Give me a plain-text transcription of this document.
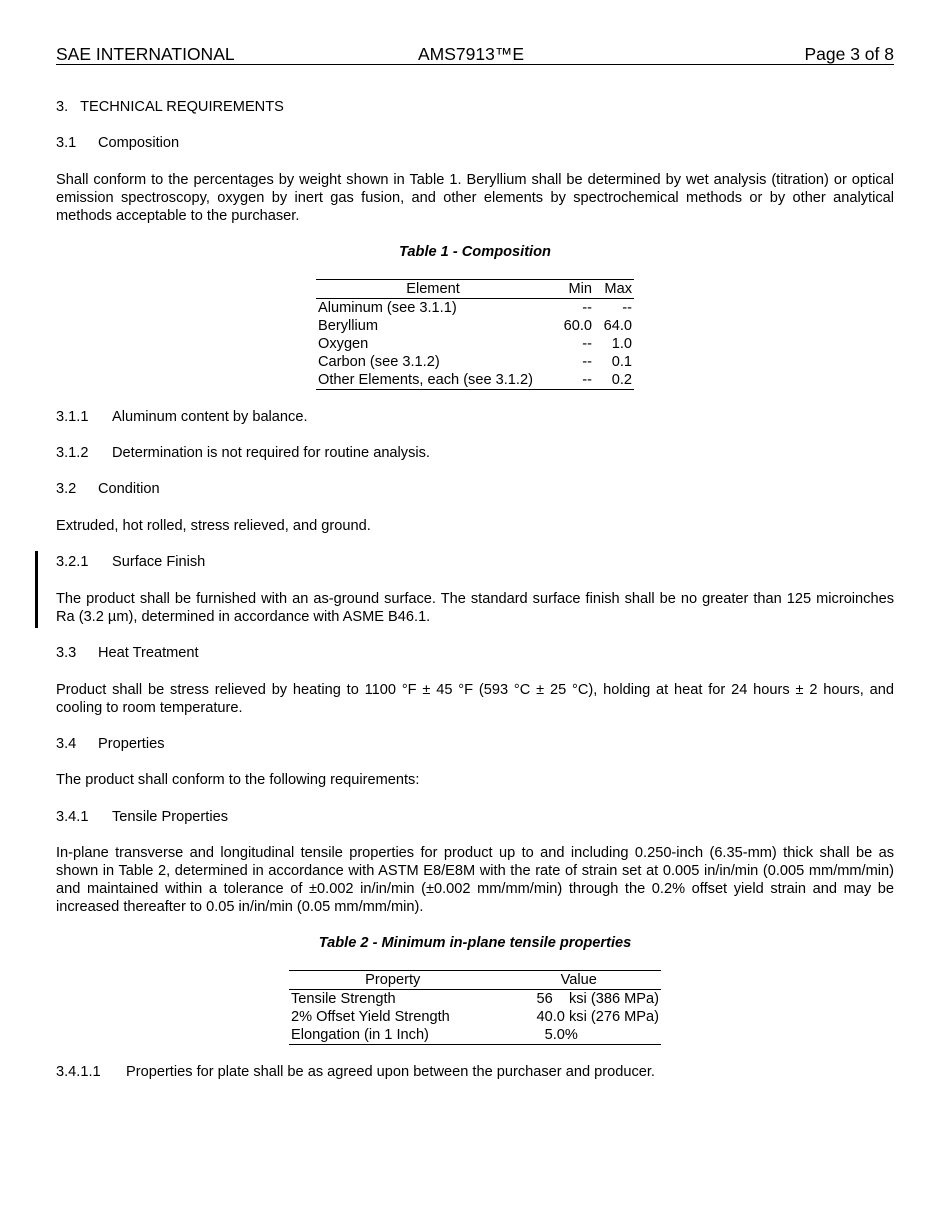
SAE INTERNATIONAL	AMS7913™E	Page 3 of 8
3. TECHNICAL REQUIREMENTS
3.1 Composition
Shall conform to the percentages by weight shown in Table 1. Beryllium shall be determined by wet analysis (titration) or optical emission spectroscopy, oxygen by inert gas fusion, and other elements by spectrochemical methods or by other analytical methods acceptable to the purchaser.
Table 1 - Composition
Element	Min	Max
Aluminum (see 3.1.1)	--	--
Beryllium	60.0	64.0
Oxygen	--	1.0
Carbon (see 3.1.2)	--	0.1
Other Elements, each (see 3.1.2)	--	0.2
3.1.1 Aluminum content by balance.
3.1.2 Determination is not required for routine analysis.
3.2 Condition
Extruded, hot rolled, stress relieved, and ground.
3.2.1 Surface Finish
The product shall be furnished with an as-ground surface. The standard surface finish shall be no greater than 125 microinches Ra (3.2 µm), determined in accordance with ASME B46.1.
3.3 Heat Treatment
Product shall be stress relieved by heating to 1100 °F ± 45 °F (593 °C ± 25 °C), holding at heat for 24 hours ± 2 hours, and cooling to room temperature.
3.4 Properties
The product shall conform to the following requirements:
3.4.1 Tensile Properties
In-plane transverse and longitudinal tensile properties for product up to and including 0.250-inch (6.35-mm) thick shall be as shown in Table 2, determined in accordance with ASTM E8/E8M with the rate of strain set at 0.005 in/in/min (0.005 mm/mm/min) and maintained within a tolerance of ±0.002 in/in/min (±0.002 mm/mm/min) through the 0.2% offset yield strain and may be increased thereafter to 0.05 in/in/min (0.05 mm/mm/min).
Table 2 - Minimum in-plane tensile properties
Property	Value
Tensile Strength	56    ksi (386 MPa)
2% Offset Yield Strength	40.0 ksi (276 MPa)
Elongation (in 1 Inch)	5.0%
3.4.1.1 Properties for plate shall be as agreed upon between the purchaser and producer.
